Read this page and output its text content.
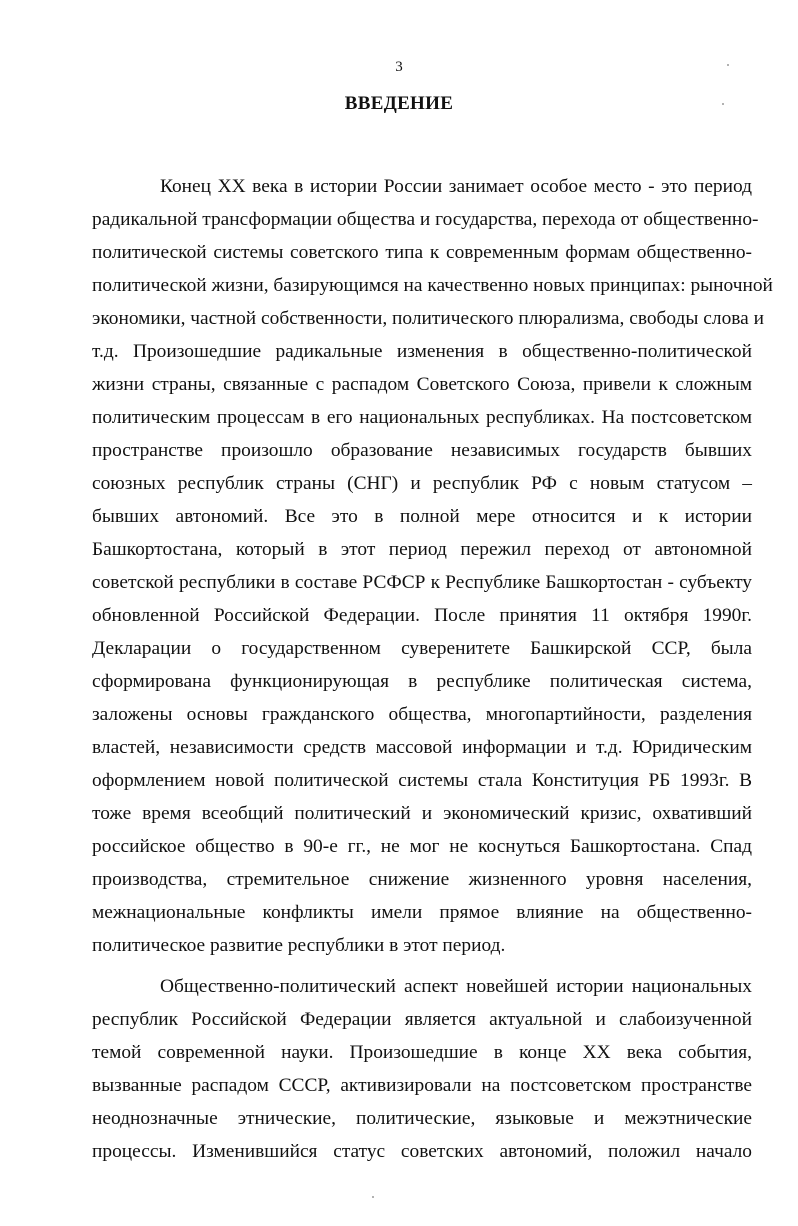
3
ВВЕДЕНИЕ
Конец XX века в истории России занимает особое место - это период
радикальной трансформации общества и государства, перехода от общественно-
политической системы советского типа к современным формам общественно-
политической жизни, базирующимся на качественно новых принципах: рыночной
экономики, частной собственности, политического плюрализма, свободы слова и
т.д. Произошедшие радикальные изменения в общественно-политической
жизни страны, связанные с распадом Советского Союза, привели к сложным
политическим процессам в его национальных республиках. На постсоветском
пространстве произошло образование независимых государств бывших
союзных республик страны (СНГ) и республик РФ с новым статусом –
бывших автономий. Все это в полной мере относится и к истории
Башкортостана, который в этот период пережил переход от автономной
советской республики в составе РСФСР к Республике Башкортостан - субъекту
обновленной Российской Федерации. После принятия 11 октября 1990г.
Декларации о государственном суверенитете Башкирской ССР, была
сформирована функционирующая в республике политическая система,
заложены основы гражданского общества, многопартийности, разделения
властей, независимости средств массовой информации и т.д. Юридическим
оформлением новой политической системы стала Конституция РБ 1993г. В
тоже время всеобщий политический и экономический кризис, охвативший
российское общество в 90-е гг., не мог не коснуться Башкортостана. Спад
производства, стремительное снижение жизненного уровня населения,
межнациональные конфликты имели прямое влияние на общественно-
политическое развитие республики в этот период.
Общественно-политический аспект новейшей истории национальных
республик Российской Федерации является актуальной и слабоизученной
темой современной науки. Произошедшие в конце XX века события,
вызванные распадом СССР, активизировали на постсоветском пространстве
неоднозначные этнические, политические, языковые и межэтнические
процессы. Изменившийся статус советских автономий, положил начало
